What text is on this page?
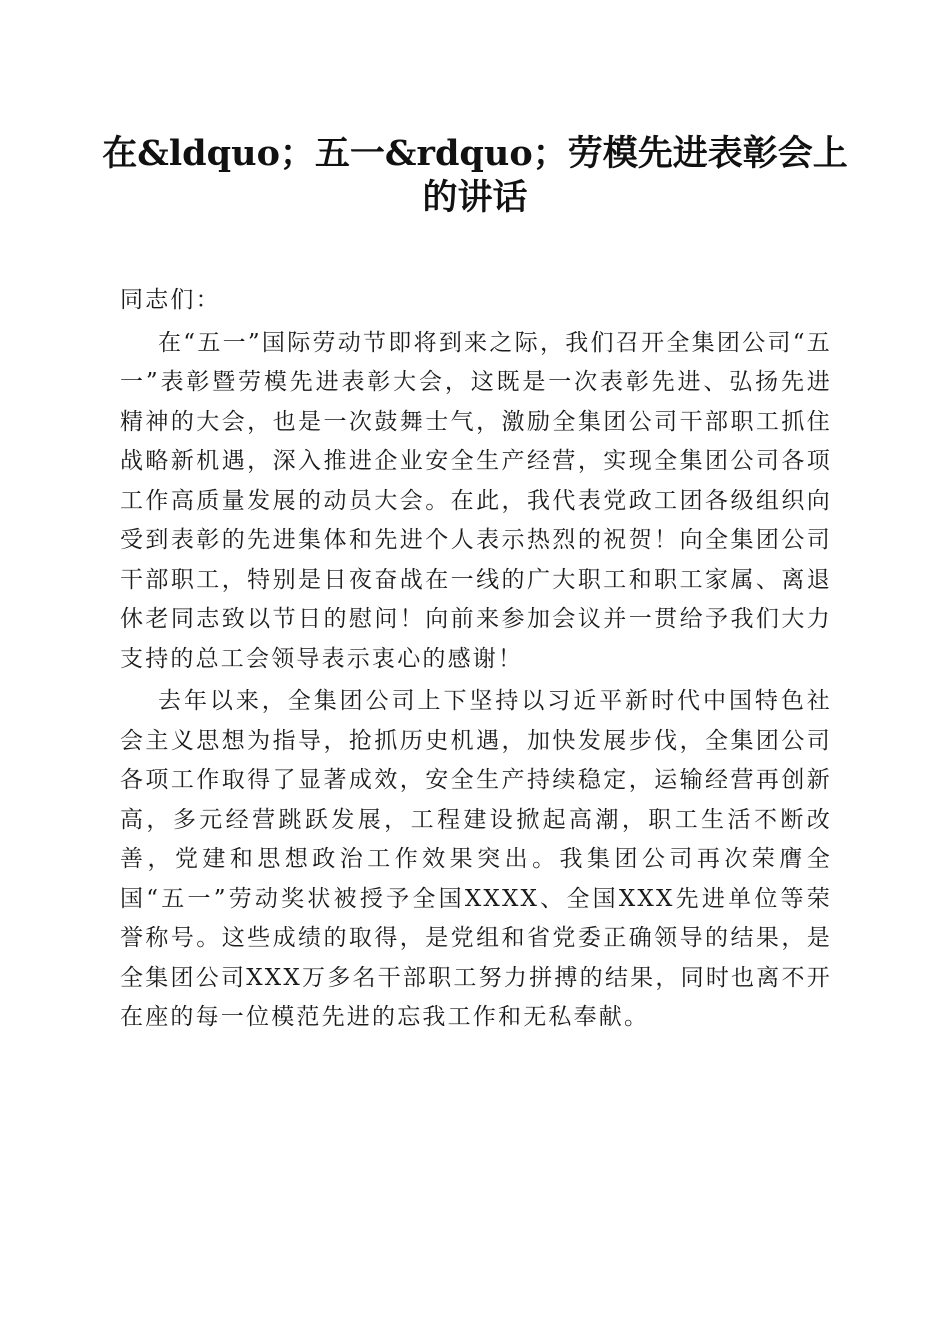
在&ldquo；五一&rdquo；劳模先进表彰会上的讲话
同志们：

在“五一”国际劳动节即将到来之际，我们召开全集团公司“五一”表彰暨劳模先进表彰大会，这既是一次表彰先进、弘扬先进精神的大会，也是一次鼓舞士气，激励全集团公司干部职工抓住战略新机遇，深入推进企业安全生产经营，实现全集团公司各项工作高质量发展的动员大会。在此，我代表党政工团各级组织向受到表彰的先进集体和先进个人表示热烈的祝贺！向全集团公司干部职工，特别是日夜奋战在一线的广大职工和职工家属、离退休老同志致以节日的慰问！向前来参加会议并一贯给予我们大力支持的总工会领导表示衷心的感谢！

去年以来，全集团公司上下坚持以习近平新时代中国特色社会主义思想为指导，抢抓历史机遇，加快发展步伐，全集团公司各项工作取得了显著成效，安全生产持续稳定，运输经营再创新高，多元经营跳跃发展，工程建设掀起高潮，职工生活不断改善，党建和思想政治工作效果突出。我集团公司再次荣膺全国“五一”劳动奖状被授予全国XXXX、全国XXX先进单位等荣誉称号。这些成绩的取得，是党组和省党委正确领导的结果，是全集团公司XXX万多名干部职工努力拼搏的结果，同时也离不开在座的每一位模范先进的忘我工作和无私奉献。
